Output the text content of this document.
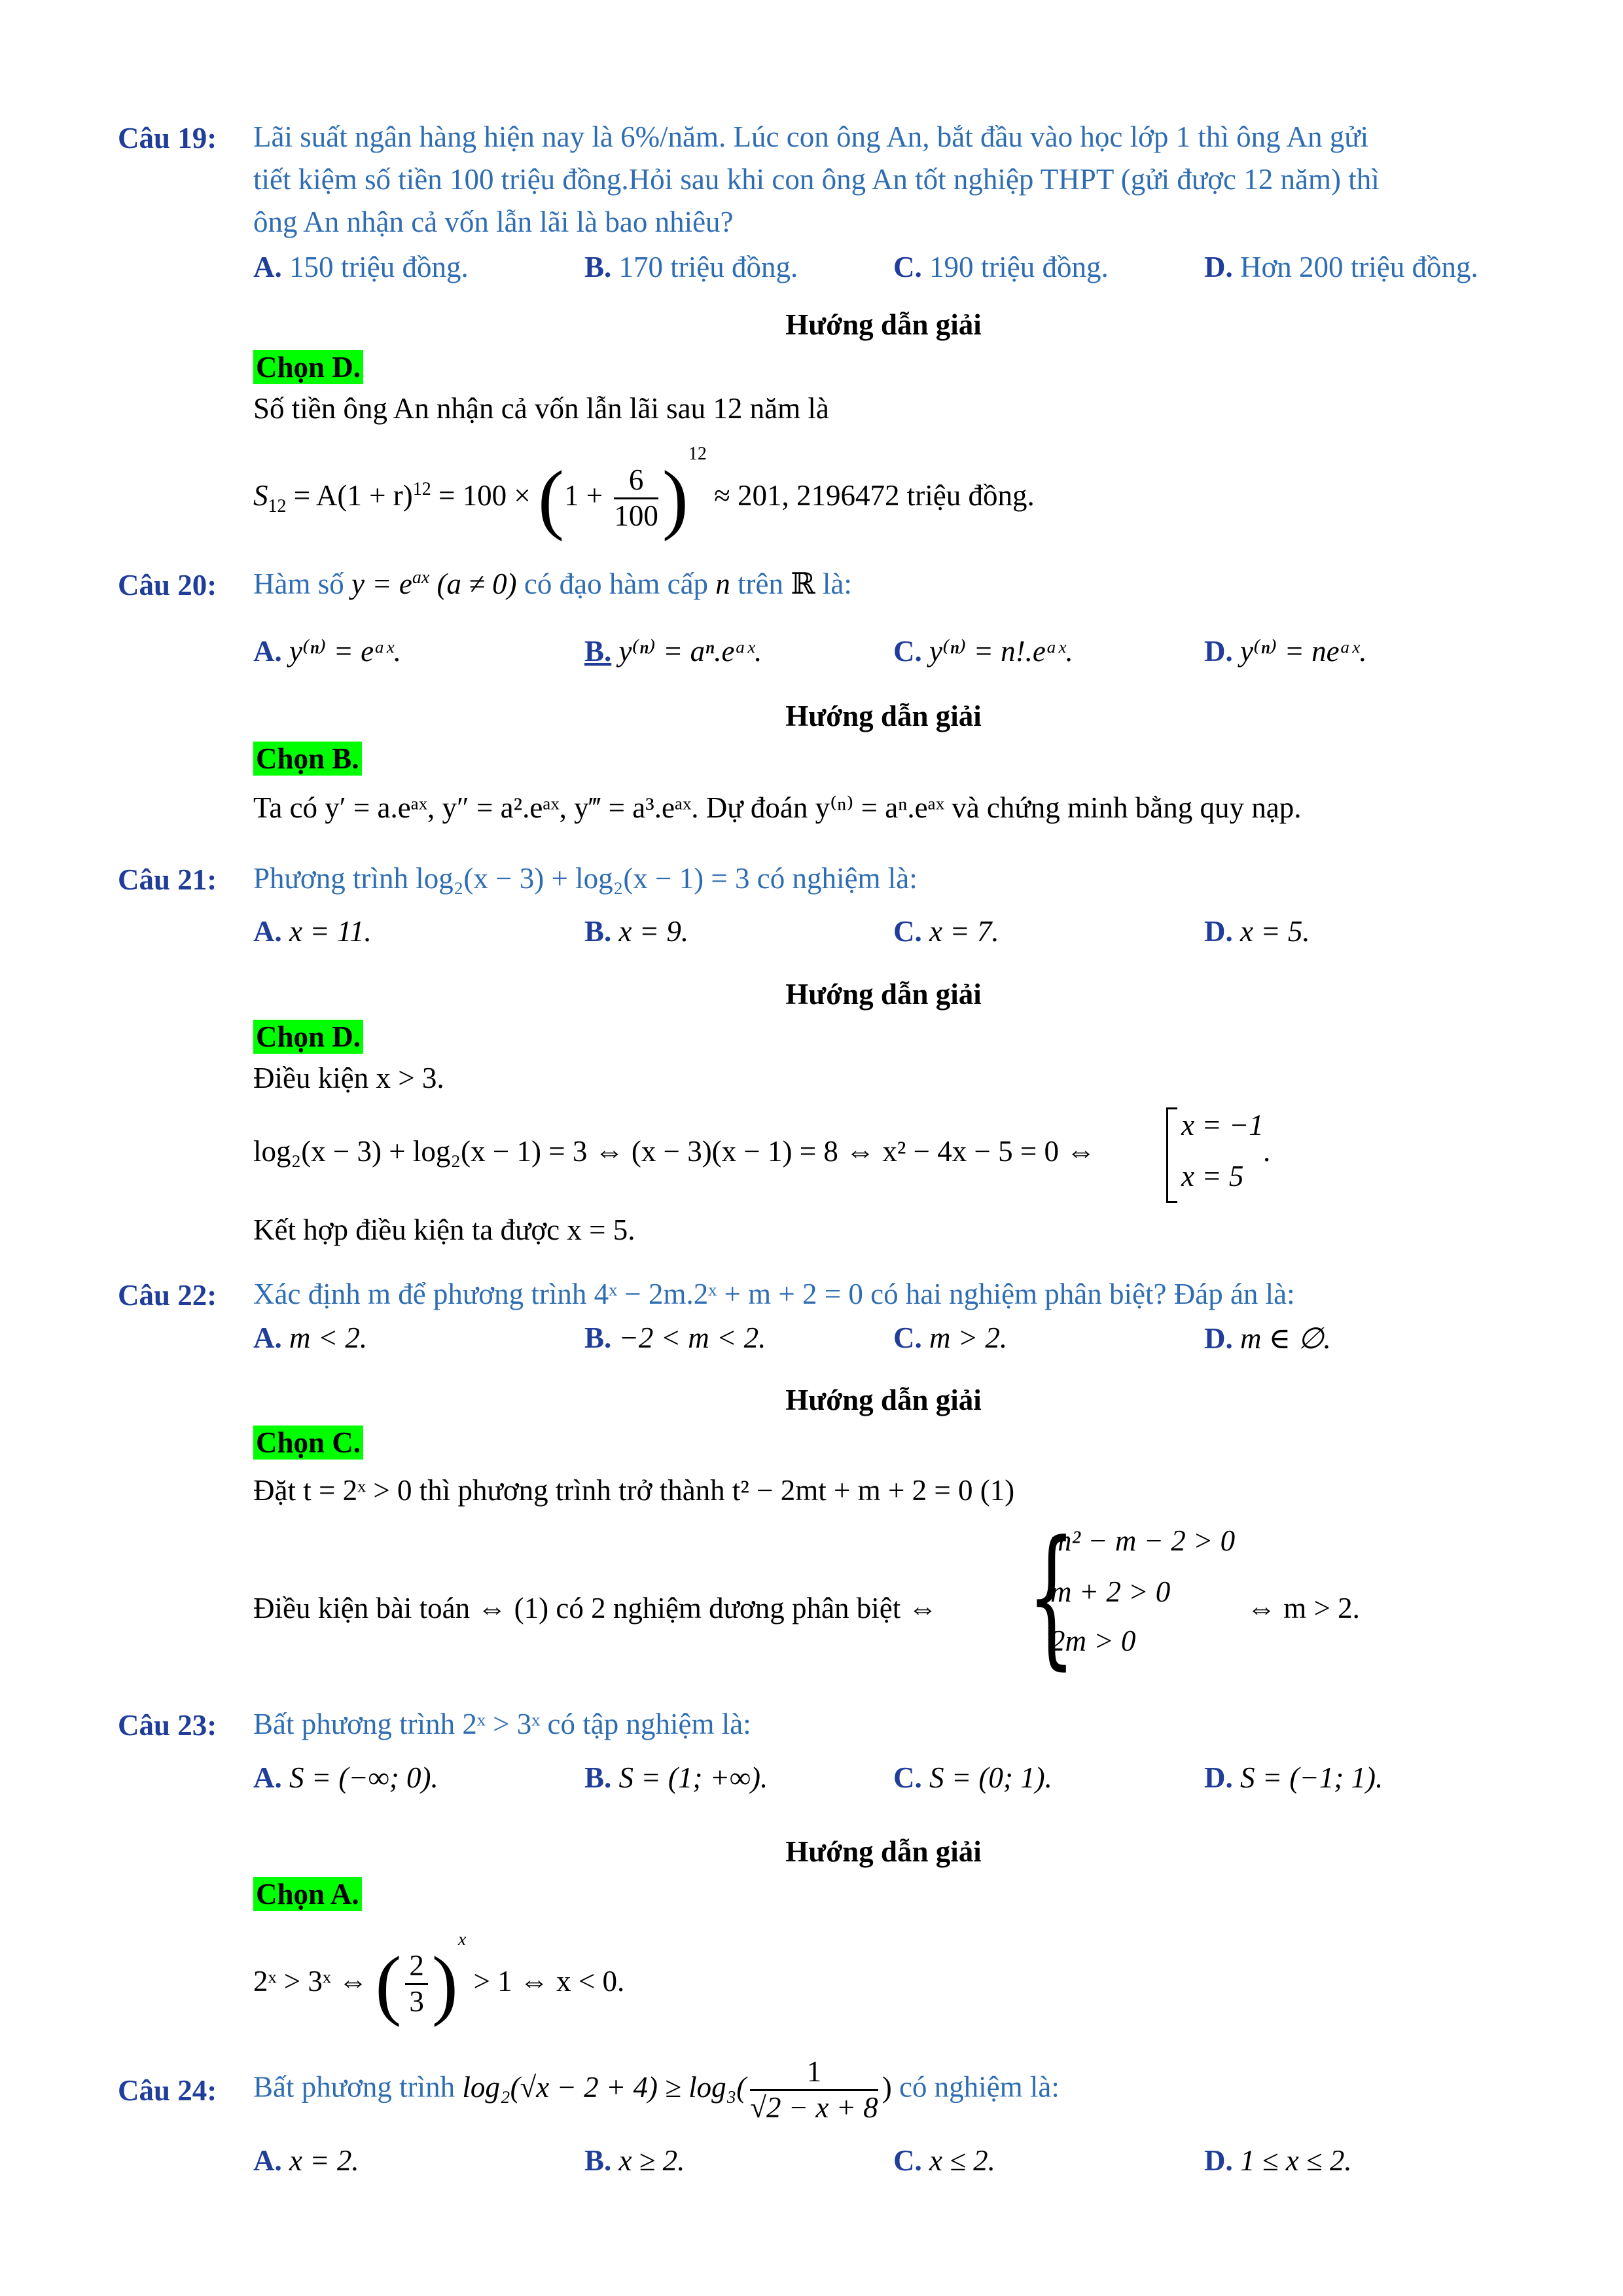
Câu 19: Lãi suất ngân hàng hiện nay là 6%/năm. Lúc con ông An, bắt đầu vào học lớp 1 thì ông An gửi
tiết kiệm số tiền 100 triệu đồng.Hỏi sau khi con ông An tốt nghiệp THPT (gửi được 12 năm) thì
ông An nhận cả vốn lẫn lãi là bao nhiêu?
A. 150 triệu đồng.	B. 170 triệu đồng.	C. 190 triệu đồng.	D. Hơn 200 triệu đồng.
Hướng dẫn giải
Chọn D.
Số tiền ông An nhận cả vốn lẫn lãi sau 12 năm là
$S_{12} = A(1 + r)^{12} = 100 \times (1 + \frac{6}{100} )^{12} \approx 201$, 2196472 triệu đồng.
Câu 20: Hàm số $y = e^{ax}$ (a ≠ 0) có đạo hàm cấp n trên ℝ là:
A. y⁽ⁿ⁾ = eᵃˣ.	B. y⁽ⁿ⁾ = aⁿ.eᵃˣ.	C. y⁽ⁿ⁾ = n!.eᵃˣ.	D. y⁽ⁿ⁾ = neᵃˣ.
Hướng dẫn giải
Chọn B.
Ta có y′ = a.eᵃˣ, y″ = a².eᵃˣ, y‴ = a³.eᵃˣ. Dự đoán y⁽ⁿ⁾ = aⁿ.eᵃˣ và chứng minh bằng quy nạp.
Câu 21: Phương trình log₂(x − 3) + log₂(x − 1) = 3 có nghiệm là:
A. x = 11.	B. x = 9.	C. x = 7.	D. x = 5.
Hướng dẫn giải
Chọn D.
Điều kiện x > 3.
log₂(x − 3) + log₂(x − 1) = 3 ⇔ (x − 3)(x − 1) = 8 ⇔ x² − 4x − 5 = 0 ⇔
x = −1
x = 5
.
Kết hợp điều kiện ta được x = 5.
Câu 22: Xác định m để phương trình 4ˣ − 2m.2ˣ + m + 2 = 0 có hai nghiệm phân biệt? Đáp án là:
A. m < 2.	B. −2 < m < 2.	C. m > 2.	D. m ∈ ∅.
Hướng dẫn giải
Chọn C.
Đặt t = 2ˣ > 0 thì phương trình trở thành t² − 2mt + m + 2 = 0 (1)
Điều kiện bài toán ⇔ (1) có 2 nghiệm dương phân biệt ⇔ {
m² − m − 2 > 0
m + 2 > 0
2m > 0
⇔ m > 2.
Câu 23: Bất phương trình 2ˣ > 3ˣ có tập nghiệm là:
A. S = (−∞; 0).	B. S = (1; +∞).	C. S = (0; 1).	D. S = (−1; 1).
Hướng dẫn giải
Chọn A.
2ˣ > 3ˣ ⇔ ( $\frac{2}{3} )^x > 1$ ⇔ x < 0.
Câu 24: Bất phương trình $\log_2(√x - 2 + 4) \ge \log_3( \frac{1}{√2 - x + 8}$ ) có nghiệm là:
A. x = 2.	B. x ≥ 2.	C. x ≤ 2.	D. 1 ≤ x ≤ 2.
